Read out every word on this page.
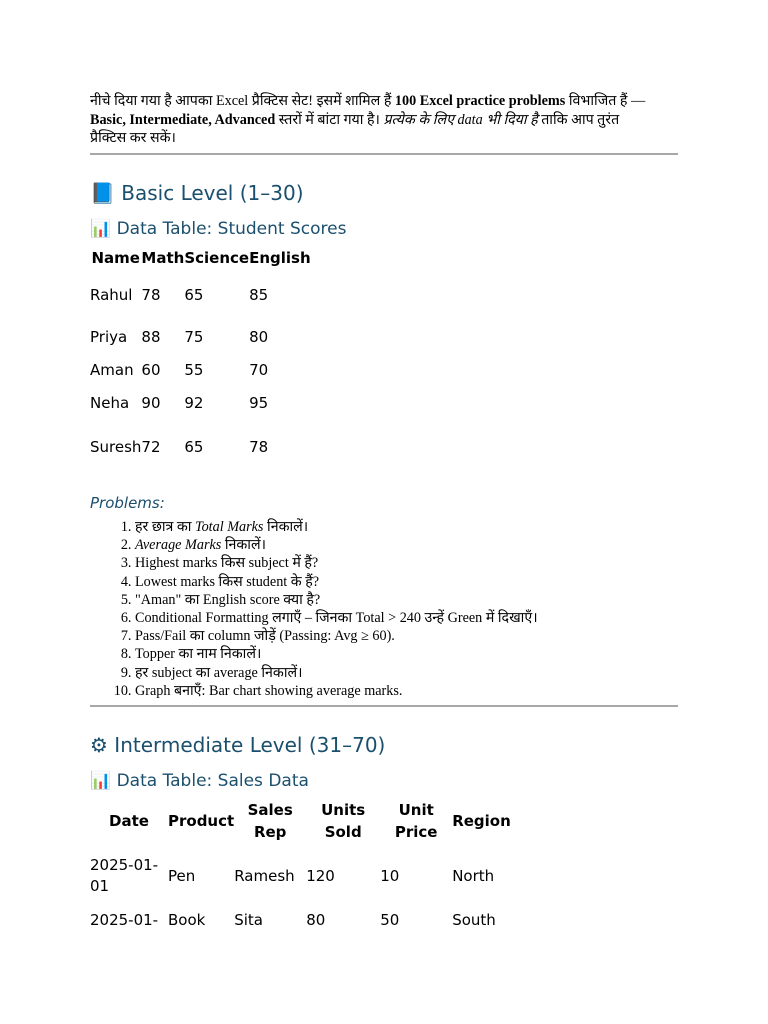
नीचे दिया गया है आपका Excel प्रैक्टिस सेट! इसमें शामिल हैं 100 Excel practice problems विभाजित हैं — Basic, Intermediate, Advanced स्तरों में बांटा गया है। प्रत्येक के लिए data भी दिया है ताकि आप तुरंत प्रैक्टिस कर सकें।
📘 Basic Level (1–30)
📊 Data Table: Student Scores
Name	Math	Science	English
Rahul	78	65	85
Priya	88	75	80
Aman	60	55	70
Neha	90	92	95
Suresh	72	65	78
Problems:
1. हर छात्र का Total Marks निकालें।
2. Average Marks निकालें।
3. Highest marks किस subject में हैं?
4. Lowest marks किस student के हैं?
5. "Aman" का English score क्या है?
6. Conditional Formatting लगाएँ – जिनका Total > 240 उन्हें Green में दिखाएँ।
7. Pass/Fail का column जोड़ें (Passing: Avg ≥ 60).
8. Topper का नाम निकालें।
9. हर subject का average निकालें।
10. Graph बनाएँ: Bar chart showing average marks.
⚙ Intermediate Level (31–70)
📊 Data Table: Sales Data
Date	Product	Sales Rep	Units Sold	Unit Price	Region
2025-01-01	Pen	Ramesh	120	10	North
2025-01-	Book	Sita	80	50	South
